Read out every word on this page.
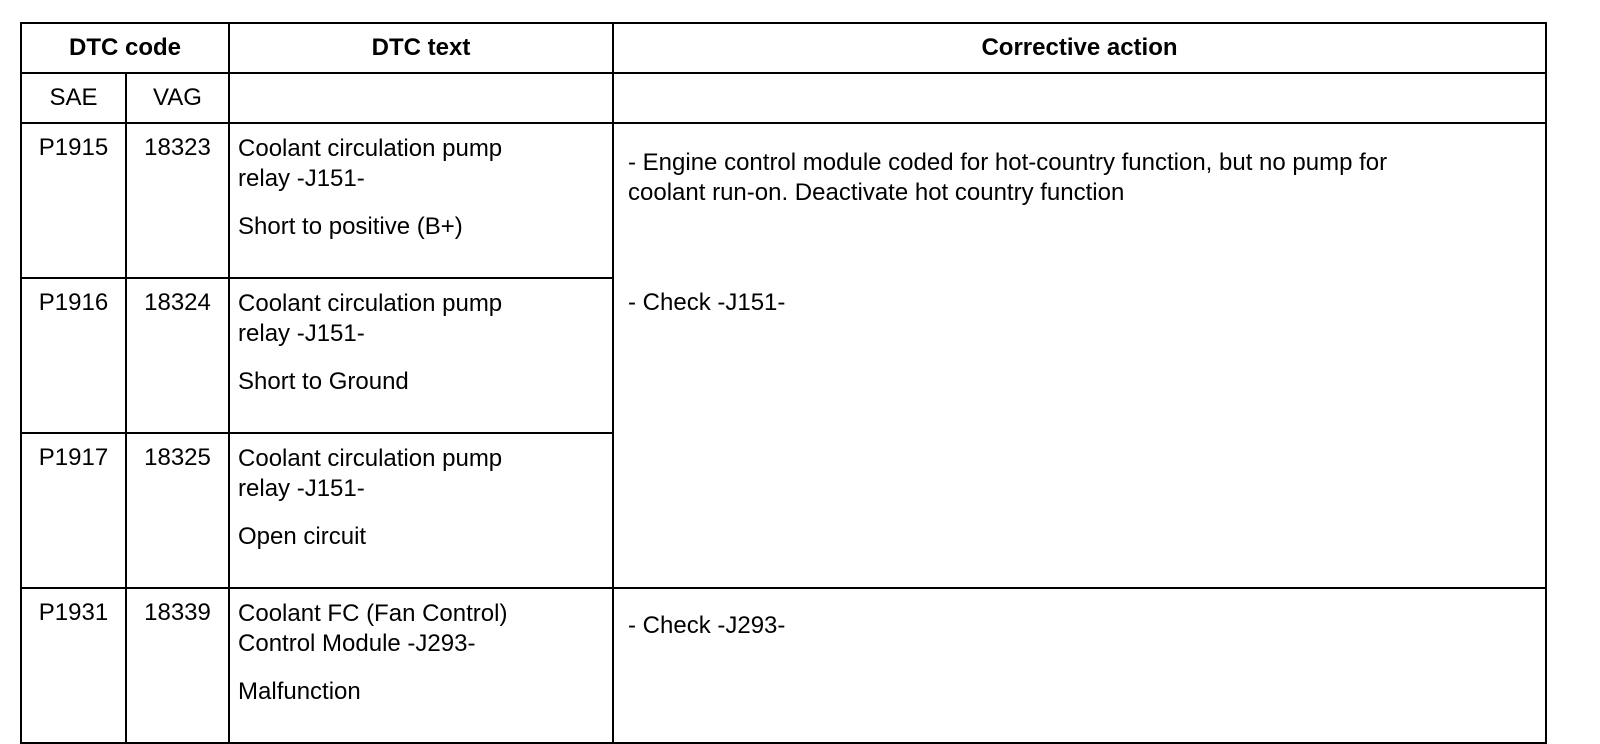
DTC code		DTC text	Corrective action
SAE	VAG		
P1915	18323	Coolant circulation pump
relay -J151-
Short to positive (B+)	- Engine control module coded for hot-country function, but no pump for
coolant run-on. Deactivate hot country function
- Check -J151-

P1916	18324	Coolant circulation pump
relay -J151-
Short to Ground	
P1917	18325	Coolant circulation pump
relay -J151-
Open circuit	
P1931	18339	Coolant FC (Fan Control)
Control Module -J293-
Malfunction	- Check -J293-
